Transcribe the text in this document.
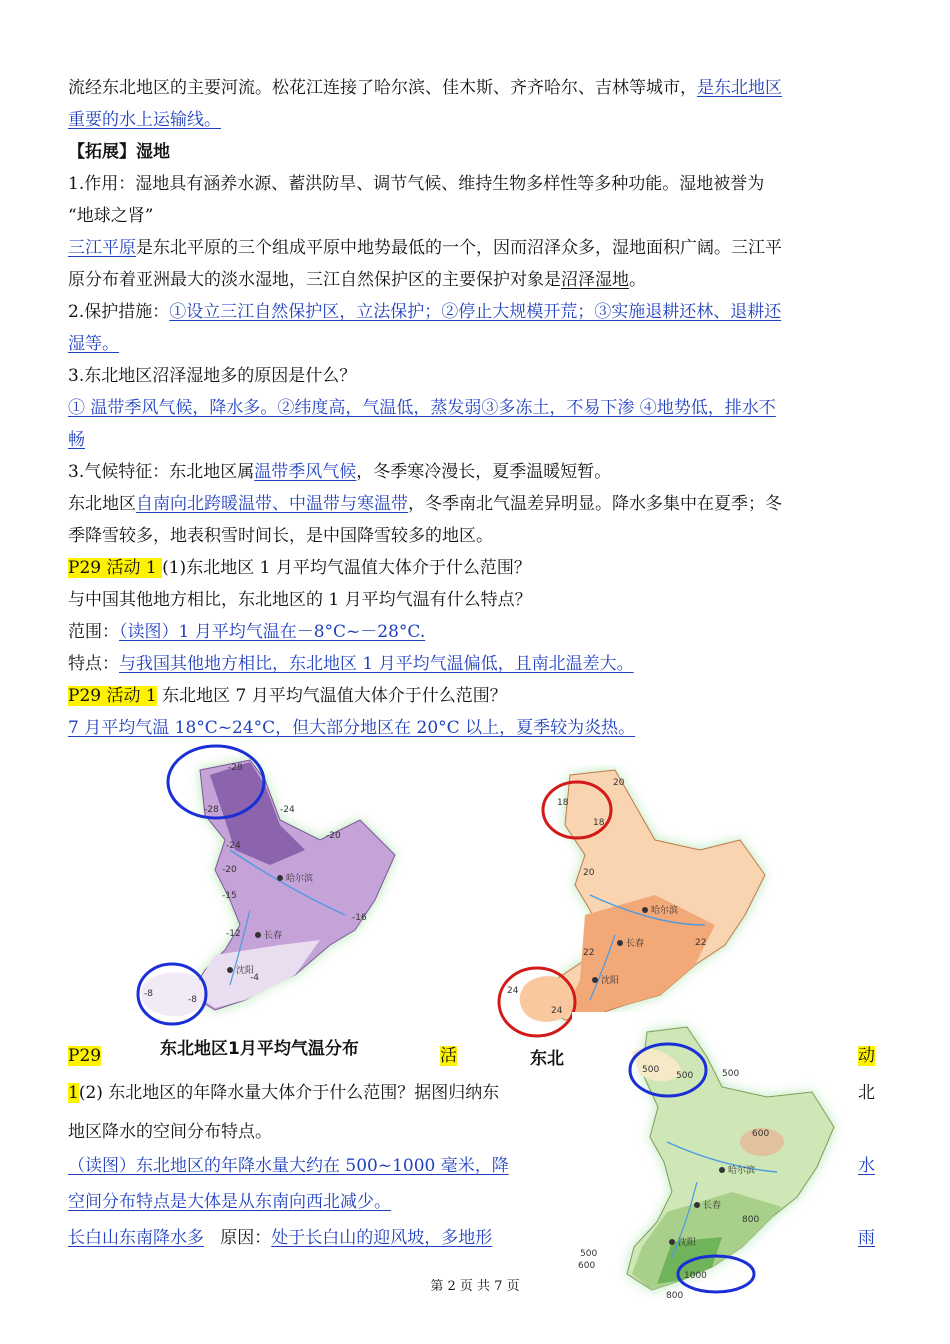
流经东北地区的主要河流。松花江连接了哈尔滨、佳木斯、齐齐哈尔、吉林等城市，是东北地区
重要的水上运输线。
【拓展】湿地
1.作用：湿地具有涵养水源、蓄洪防旱、调节气候、维持生物多样性等多种功能。湿地被誉为
“地球之肾”
三江平原是东北平原的三个组成平原中地势最低的一个，因而沼泽众多，湿地面积广阔。三江平
原分布着亚洲最大的淡水湿地，三江自然保护区的主要保护对象是沼泽湿地。
2.保护措施：①设立三江自然保护区，立法保护；②停止大规模开荒；③实施退耕还林、退耕还
湿等。
3.东北地区沼泽湿地多的原因是什么？
① 温带季风气候，降水多。②纬度高，气温低，蒸发弱③多冻土，不易下渗 ④地势低，排水不
畅
3.气候特征：东北地区属温带季风气候，冬季寒冷漫长，夏季温暖短暂。
东北地区自南向北跨暖温带、中温带与寒温带，冬季南北气温差异明显。降水多集中在夏季；冬
季降雪较多，地表积雪时间长，是中国降雪较多的地区。
P29 活动 1 (1)东北地区 1 月平均气温值大体介于什么范围？
与中国其他地方相比，东北地区的 1 月平均气温有什么特点？
范围：（读图）1 月平均气温在－8°C~－28°C.
特点：与我国其他地方相比，东北地区 1 月平均气温偏低，且南北温差大。
P29 活动 1 东北地区 7 月平均气温值大体介于什么范围？
7 月平均气温 18°C~24°C，但大部分地区在 20°C 以上，夏季较为炎热。
-28
-28	-24
-20
-24
-20
-15
-16
-12
-8
-8
-4
哈尔滨
长春
沈阳
东北地区1月平均气温分布
20
18
18
20
22
24
24
22
哈尔滨
长春
沈阳
P29	活	东北	动
500
500	500
600
800
500
600
1000
800
哈尔滨
长春
沈阳
1(2) 东北地区的年降水量大体介于什么范围？据图归纳东	北
地区降水的空间分布特点。
（读图）东北地区的年降水量大约在 500~1000 毫米，降	水
空间分布特点是大体是从东南向西北减少。
长白山东南降水多   原因：处于长白山的迎风坡，多地形	雨
第 2 页 共 7 页
